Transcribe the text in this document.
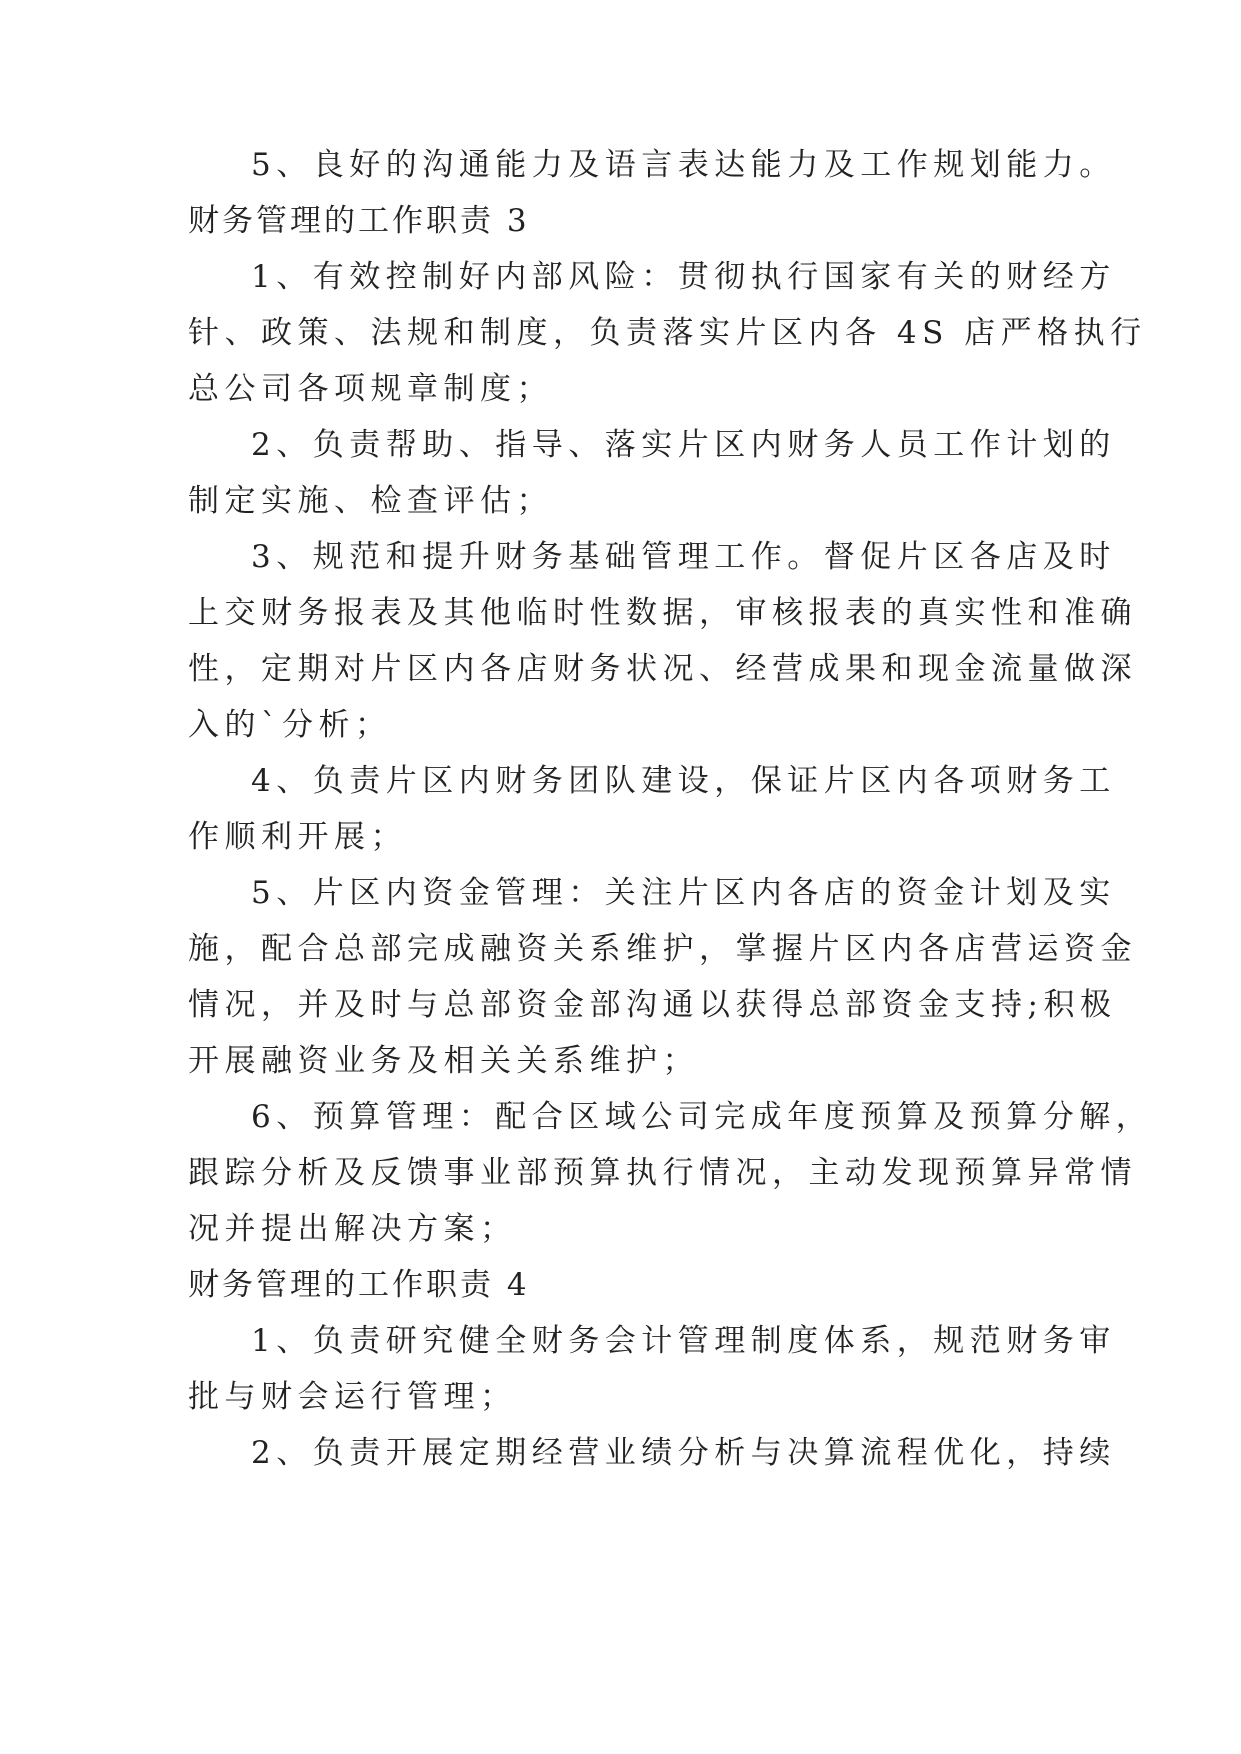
5、良好的沟通能力及语言表达能力及工作规划能力。
财务管理的工作职责 3
1、有效控制好内部风险：贯彻执行国家有关的财经方
针、政策、法规和制度，负责落实片区内各 4S 店严格执行
总公司各项规章制度；
2、负责帮助、指导、落实片区内财务人员工作计划的
制定实施、检查评估；
3、规范和提升财务基础管理工作。督促片区各店及时
上交财务报表及其他临时性数据，审核报表的真实性和准确
性，定期对片区内各店财务状况、经营成果和现金流量做深
入的`分析；
4、负责片区内财务团队建设，保证片区内各项财务工
作顺利开展；
5、片区内资金管理：关注片区内各店的资金计划及实
施，配合总部完成融资关系维护，掌握片区内各店营运资金
情况，并及时与总部资金部沟通以获得总部资金支持;积极
开展融资业务及相关关系维护；
6、预算管理：配合区域公司完成年度预算及预算分解，
跟踪分析及反馈事业部预算执行情况，主动发现预算异常情
况并提出解决方案；
财务管理的工作职责 4
1、负责研究健全财务会计管理制度体系，规范财务审
批与财会运行管理；
2、负责开展定期经营业绩分析与决算流程优化，持续
